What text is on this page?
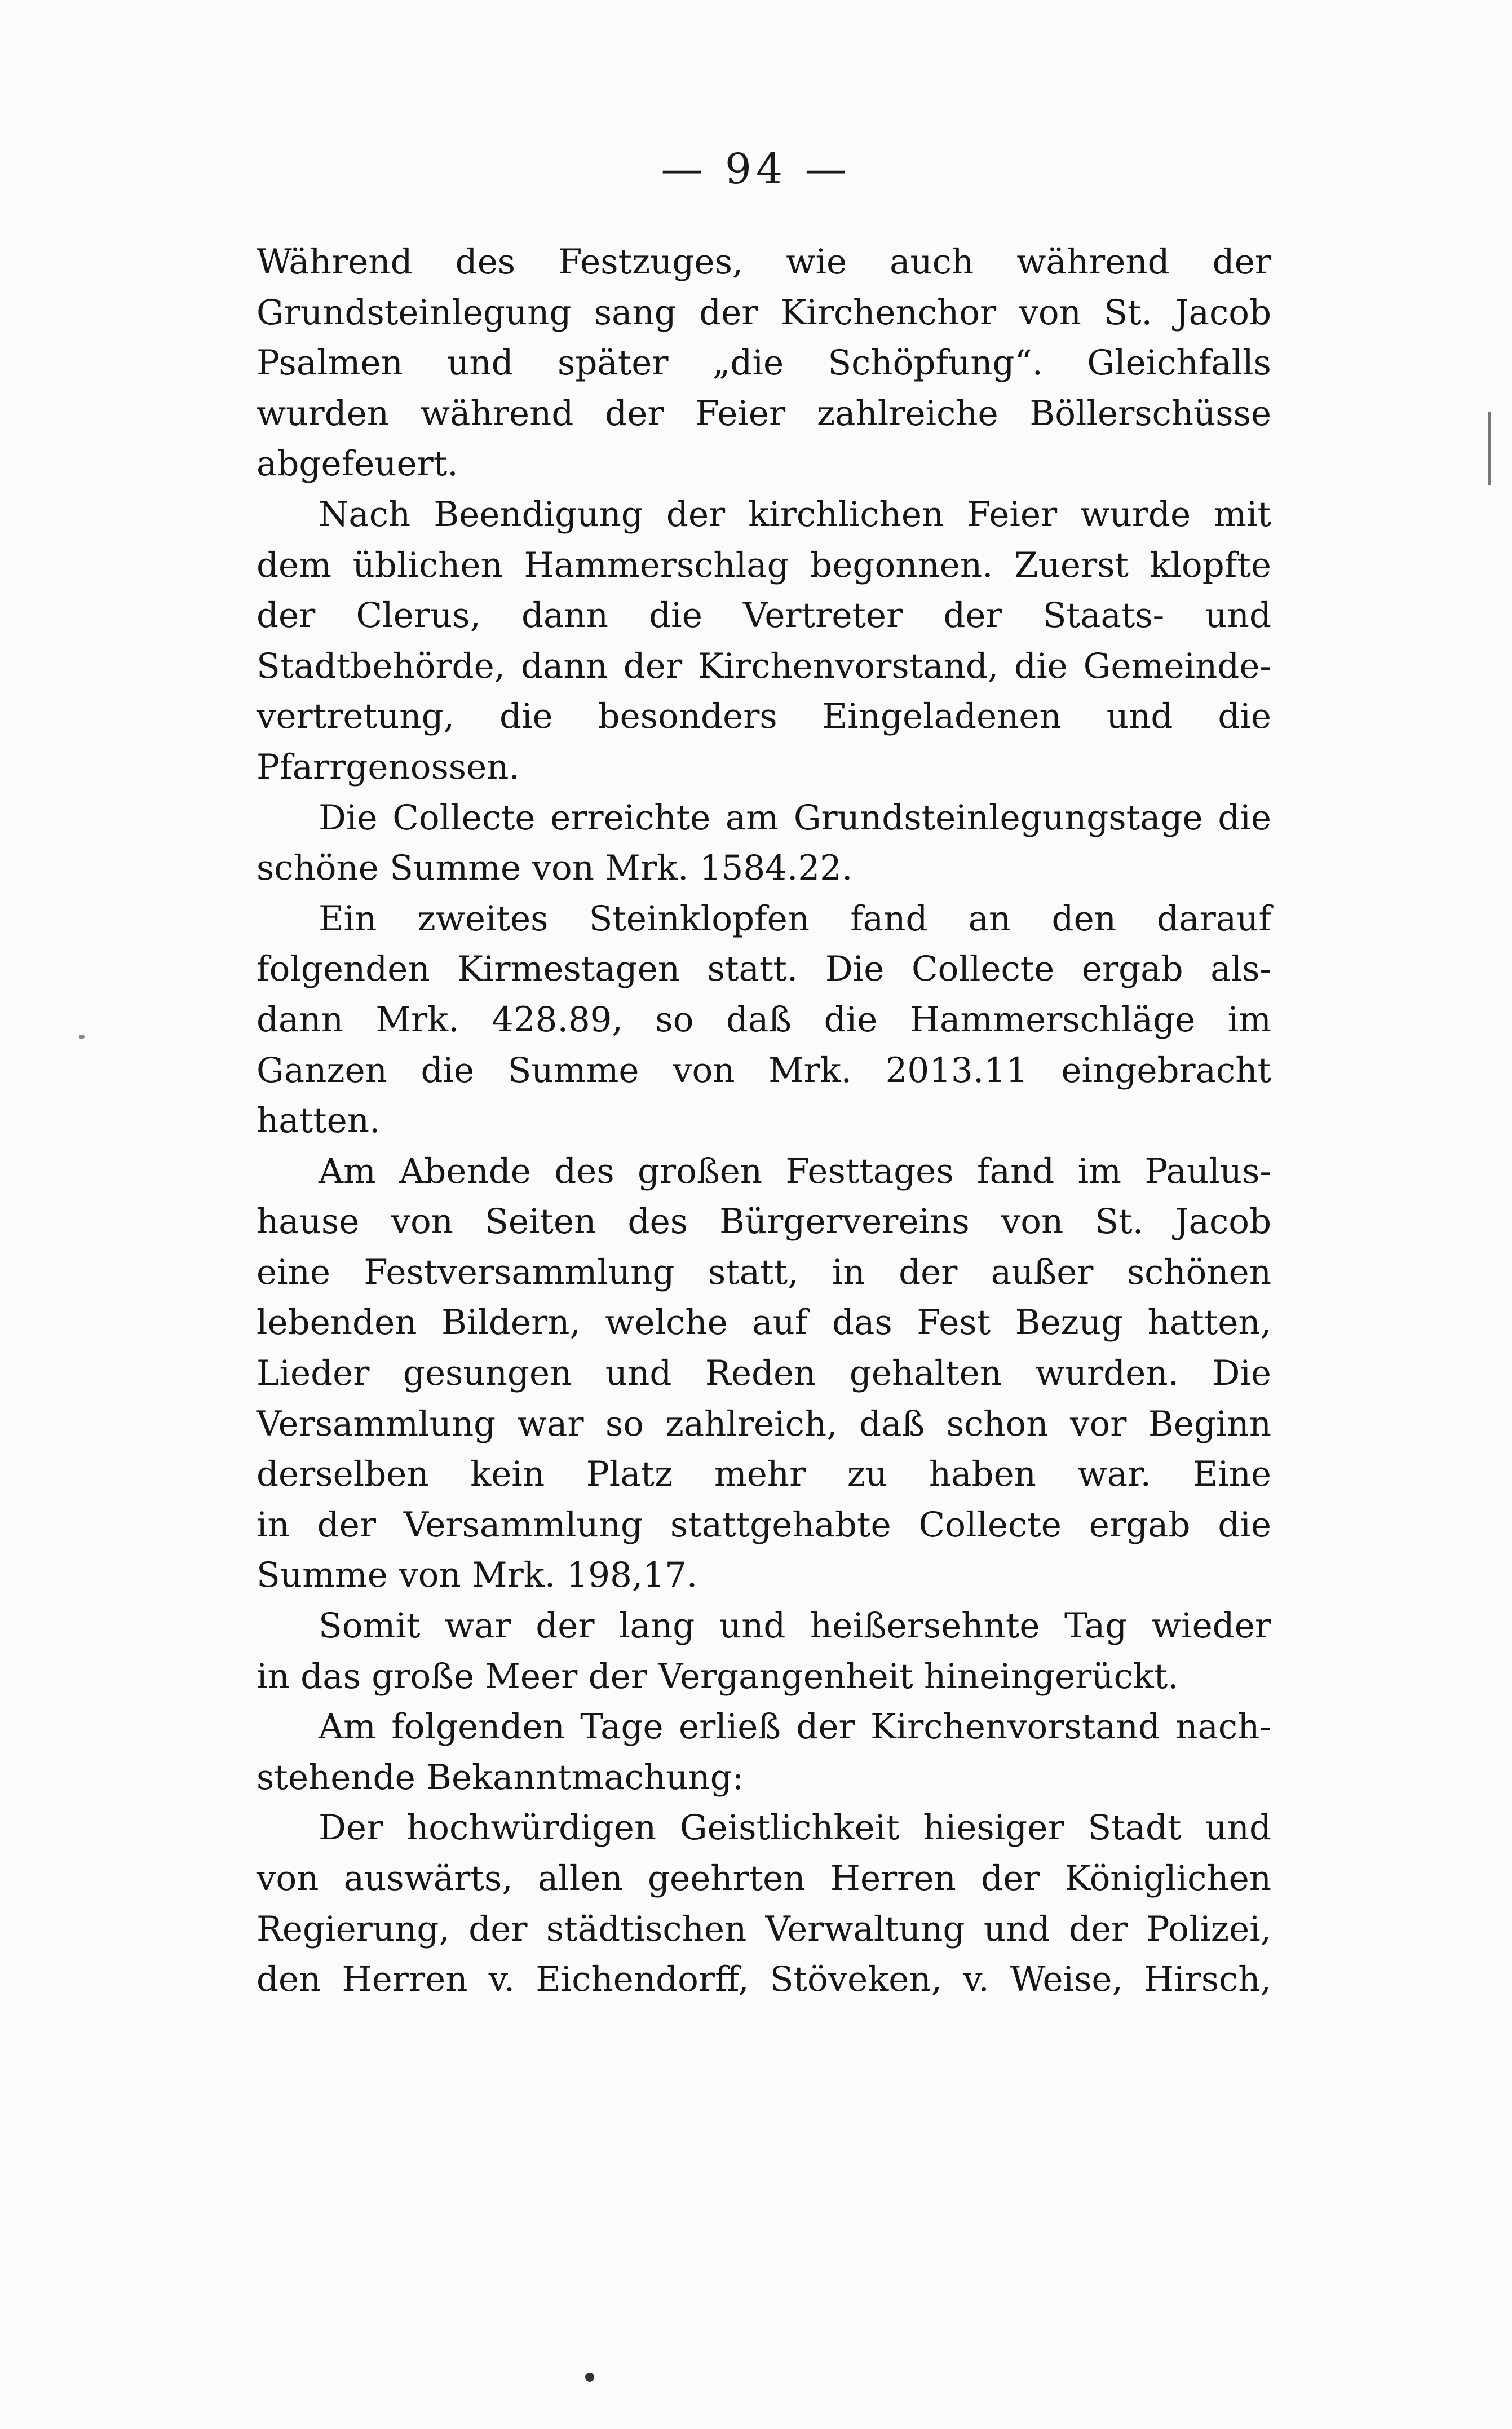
— 94 —
Während des Festzuges, wie auch während der
Grundsteinlegung sang der Kirchenchor von St. Jacob
Psalmen und später „die Schöpfung“. Gleichfalls
wurden während der Feier zahlreiche Böllerschüsse
abgefeuert.
Nach Beendigung der kirchlichen Feier wurde mit
dem üblichen Hammerschlag begonnen. Zuerst klopfte
der Clerus, dann die Vertreter der Staats- und
Stadtbehörde, dann der Kirchenvorstand, die Gemeinde-
vertretung, die besonders Eingeladenen und die
Pfarrgenossen.
Die Collecte erreichte am Grundsteinlegungstage die
schöne Summe von Mrk. 1584.22.
Ein zweites Steinklopfen fand an den darauf
folgenden Kirmestagen statt. Die Collecte ergab als-
dann Mrk. 428.89, so daß die Hammerschläge im
Ganzen die Summe von Mrk. 2013.11 eingebracht
hatten.
Am Abende des großen Festtages fand im Paulus-
hause von Seiten des Bürgervereins von St. Jacob
eine Festversammlung statt, in der außer schönen
lebenden Bildern, welche auf das Fest Bezug hatten,
Lieder gesungen und Reden gehalten wurden. Die
Versammlung war so zahlreich, daß schon vor Beginn
derselben kein Platz mehr zu haben war. Eine
in der Versammlung stattgehabte Collecte ergab die
Summe von Mrk. 198,17.
Somit war der lang und heißersehnte Tag wieder
in das große Meer der Vergangenheit hineingerückt.
Am folgenden Tage erließ der Kirchenvorstand nach-
stehende Bekanntmachung:
Der hochwürdigen Geistlichkeit hiesiger Stadt und
von auswärts, allen geehrten Herren der Königlichen
Regierung, der städtischen Verwaltung und der Polizei,
den Herren v. Eichendorff, Stöveken, v. Weise, Hirsch,
